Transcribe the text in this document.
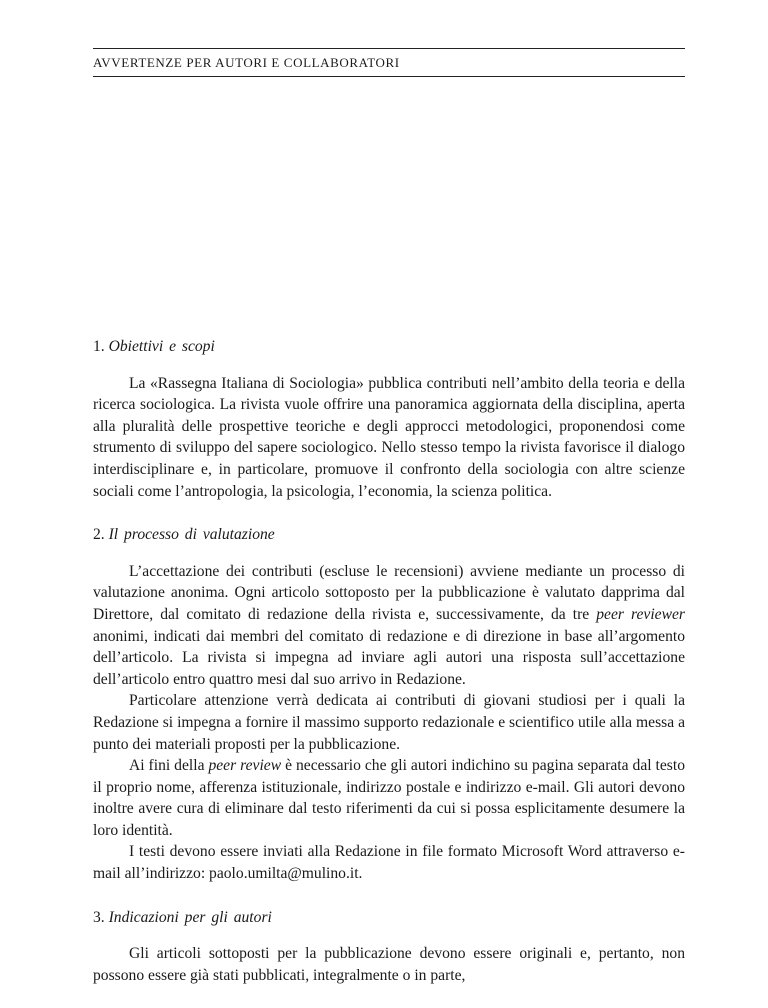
AVVERTENZE PER AUTORI E COLLABORATORI
1. Obiettivi e scopi

La «Rassegna Italiana di Sociologia» pubblica contributi nell’ambito della teoria e della ricerca sociologica. La rivista vuole offrire una panoramica aggiornata della disciplina, aperta alla pluralità delle prospettive teoriche e degli approcci metodologici, proponendosi come strumento di sviluppo del sapere sociologico. Nello stesso tempo la rivista favorisce il dialogo interdisciplinare e, in particolare, promuove il confronto della sociologia con altre scienze sociali come l’antropologia, la psicologia, l’economia, la scienza politica.

2. Il processo di valutazione

L’accettazione dei contributi (escluse le recensioni) avviene mediante un processo di valutazione anonima. Ogni articolo sottoposto per la pubblicazione è valutato dapprima dal Direttore, dal comitato di redazione della rivista e, successivamente, da tre peer reviewer anonimi, indicati dai membri del comitato di redazione e di direzione in base all’argomento dell’articolo. La rivista si impegna ad inviare agli autori una risposta sull’accettazione dell’articolo entro quattro mesi dal suo arrivo in Redazione.

Particolare attenzione verrà dedicata ai contributi di giovani studiosi per i quali la Redazione si impegna a fornire il massimo supporto redazionale e scientifico utile alla messa a punto dei materiali proposti per la pubblicazione.

Ai fini della peer review è necessario che gli autori indichino su pagina separata dal testo il proprio nome, afferenza istituzionale, indirizzo postale e indirizzo e-mail. Gli autori devono inoltre avere cura di eliminare dal testo riferimenti da cui si possa esplicitamente desumere la loro identità.

I testi devono essere inviati alla Redazione in file formato Microsoft Word attraverso e-mail all’indirizzo: paolo.umilta@mulino.it.

3. Indicazioni per gli autori

Gli articoli sottoposti per la pubblicazione devono essere originali e, pertanto, non possono essere già stati pubblicati, integralmente o in parte,
